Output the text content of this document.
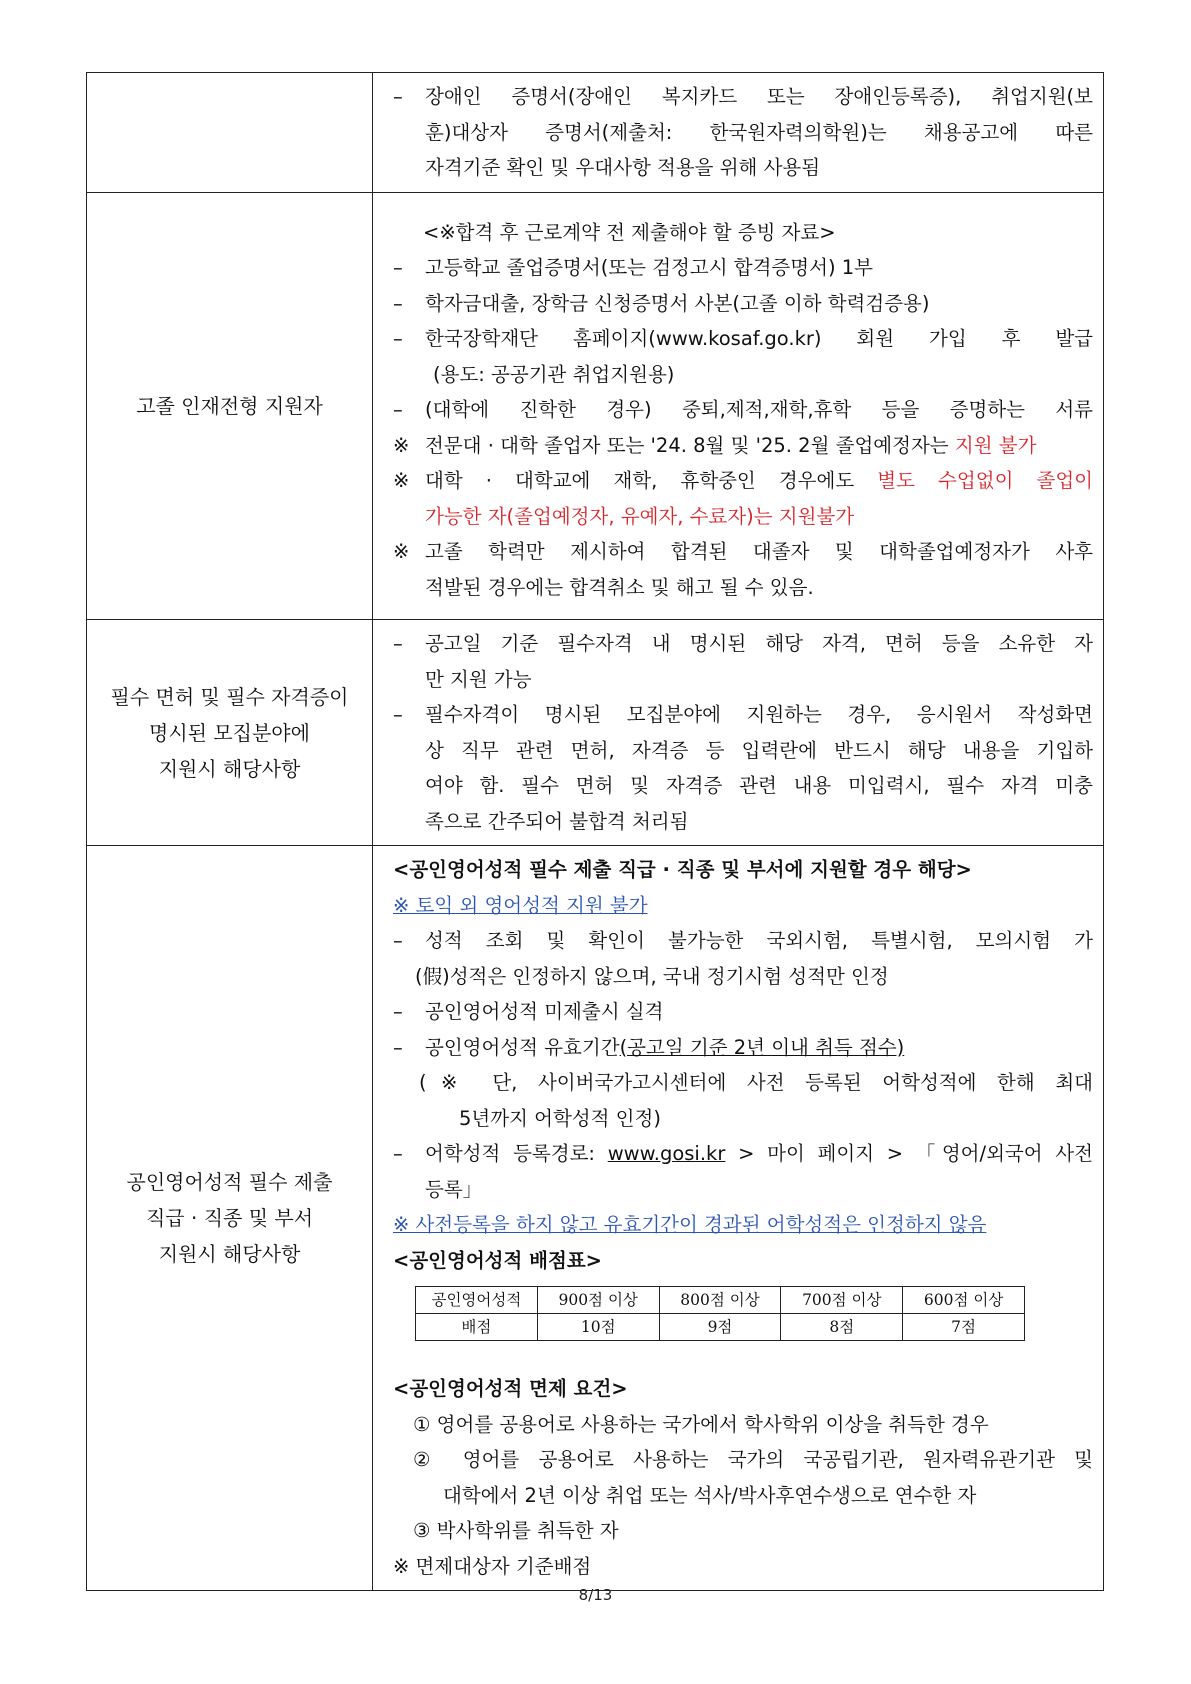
–	장애인 증명서(장애인 복지카드 또는 장애인등록증), 취업지원(보
훈)대상자 증명서(제출처: 한국원자력의학원)는 채용공고에 따른
자격기준 확인 및 우대사항 적용을 위해 사용됨

고졸 인재전형 지원자	
<※합격 후 근로계약 전 제출해야 할 증빙 자료>
–	고등학교 졸업증명서(또는 검정고시 합격증명서) 1부
–	학자금대출, 장학금 신청증명서 사본(고졸 이하 학력검증용)
–	한국장학재단 홈페이지(www.kosaf.go.kr) 회원 가입 후 발급
(용도: 공공기관 취업지원용)
–	(대학에 진학한 경우) 중퇴,제적,재학,휴학 등을 증명하는 서류
※ 전문대 · 대학 졸업자 또는 '24. 8월 및 '25. 2월 졸업예정자는 지원 불가
※ 대학 · 대학교에 재학, 휴학중인 경우에도 별도 수업없이 졸업이
가능한 자(졸업예정자, 유예자, 수료자)는 지원불가
※ 고졸 학력만 제시하여 합격된 대졸자 및 대학졸업예정자가 사후
적발된 경우에는 합격취소 및 해고 될 수 있음.

필수 면허 및 필수 자격증이
명시된 모집분야에
지원시 해당사항

–	공고일 기준 필수자격 내 명시된 해당 자격, 면허 등을 소유한 자
만 지원 가능
–	필수자격이 명시된 모집분야에 지원하는 경우, 응시원서 작성화면
상 직무 관련 면허, 자격증 등 입력란에 반드시 해당 내용을 기입하
여야 함. 필수 면허 및 자격증 관련 내용 미입력시, 필수 자격 미충
족으로 간주되어 불합격 처리됨

공인영어성적 필수 제출
직급 · 직종 및 부서
지원시 해당사항

<공인영어성적 필수 제출 직급 · 직종 및 부서에 지원할 경우 해당>
※ 토익 외 영어성적 지원 불가
–	성적 조회 및 확인이 불가능한 국외시험, 특별시험, 모의시험 가
(假)성적은 인정하지 않으며, 국내 정기시험 성적만 인정
–	공인영어성적 미제출시 실격
–	공인영어성적 유효기간(공고일 기준 2년 이내 취득 점수)
(※ 단, 사이버국가고시센터에 사전 등록된 어학성적에 한해 최대
5년까지 어학성적 인정)
–	어학성적 등록경로: www.gosi.kr > 마이 페이지 > 「영어/외국어 사전
등록」
※ 사전등록을 하지 않고 유효기간이 경과된 어학성적은 인정하지 않음
<공인영어성적 배점표>
공인영어성적	900점 이상	800점 이상	700점 이상	600점 이상
배점	10점	9점	8점	7점
<공인영어성적 면제 요건>
① 영어를 공용어로 사용하는 국가에서 학사학위 이상을 취득한 경우
② 영어를 공용어로 사용하는 국가의 국공립기관, 원자력유관기관 및
대학에서 2년 이상 취업 또는 석사/박사후연수생으로 연수한 자
③ 박사학위를 취득한 자
※ 면제대상자 기준배점
8/13
